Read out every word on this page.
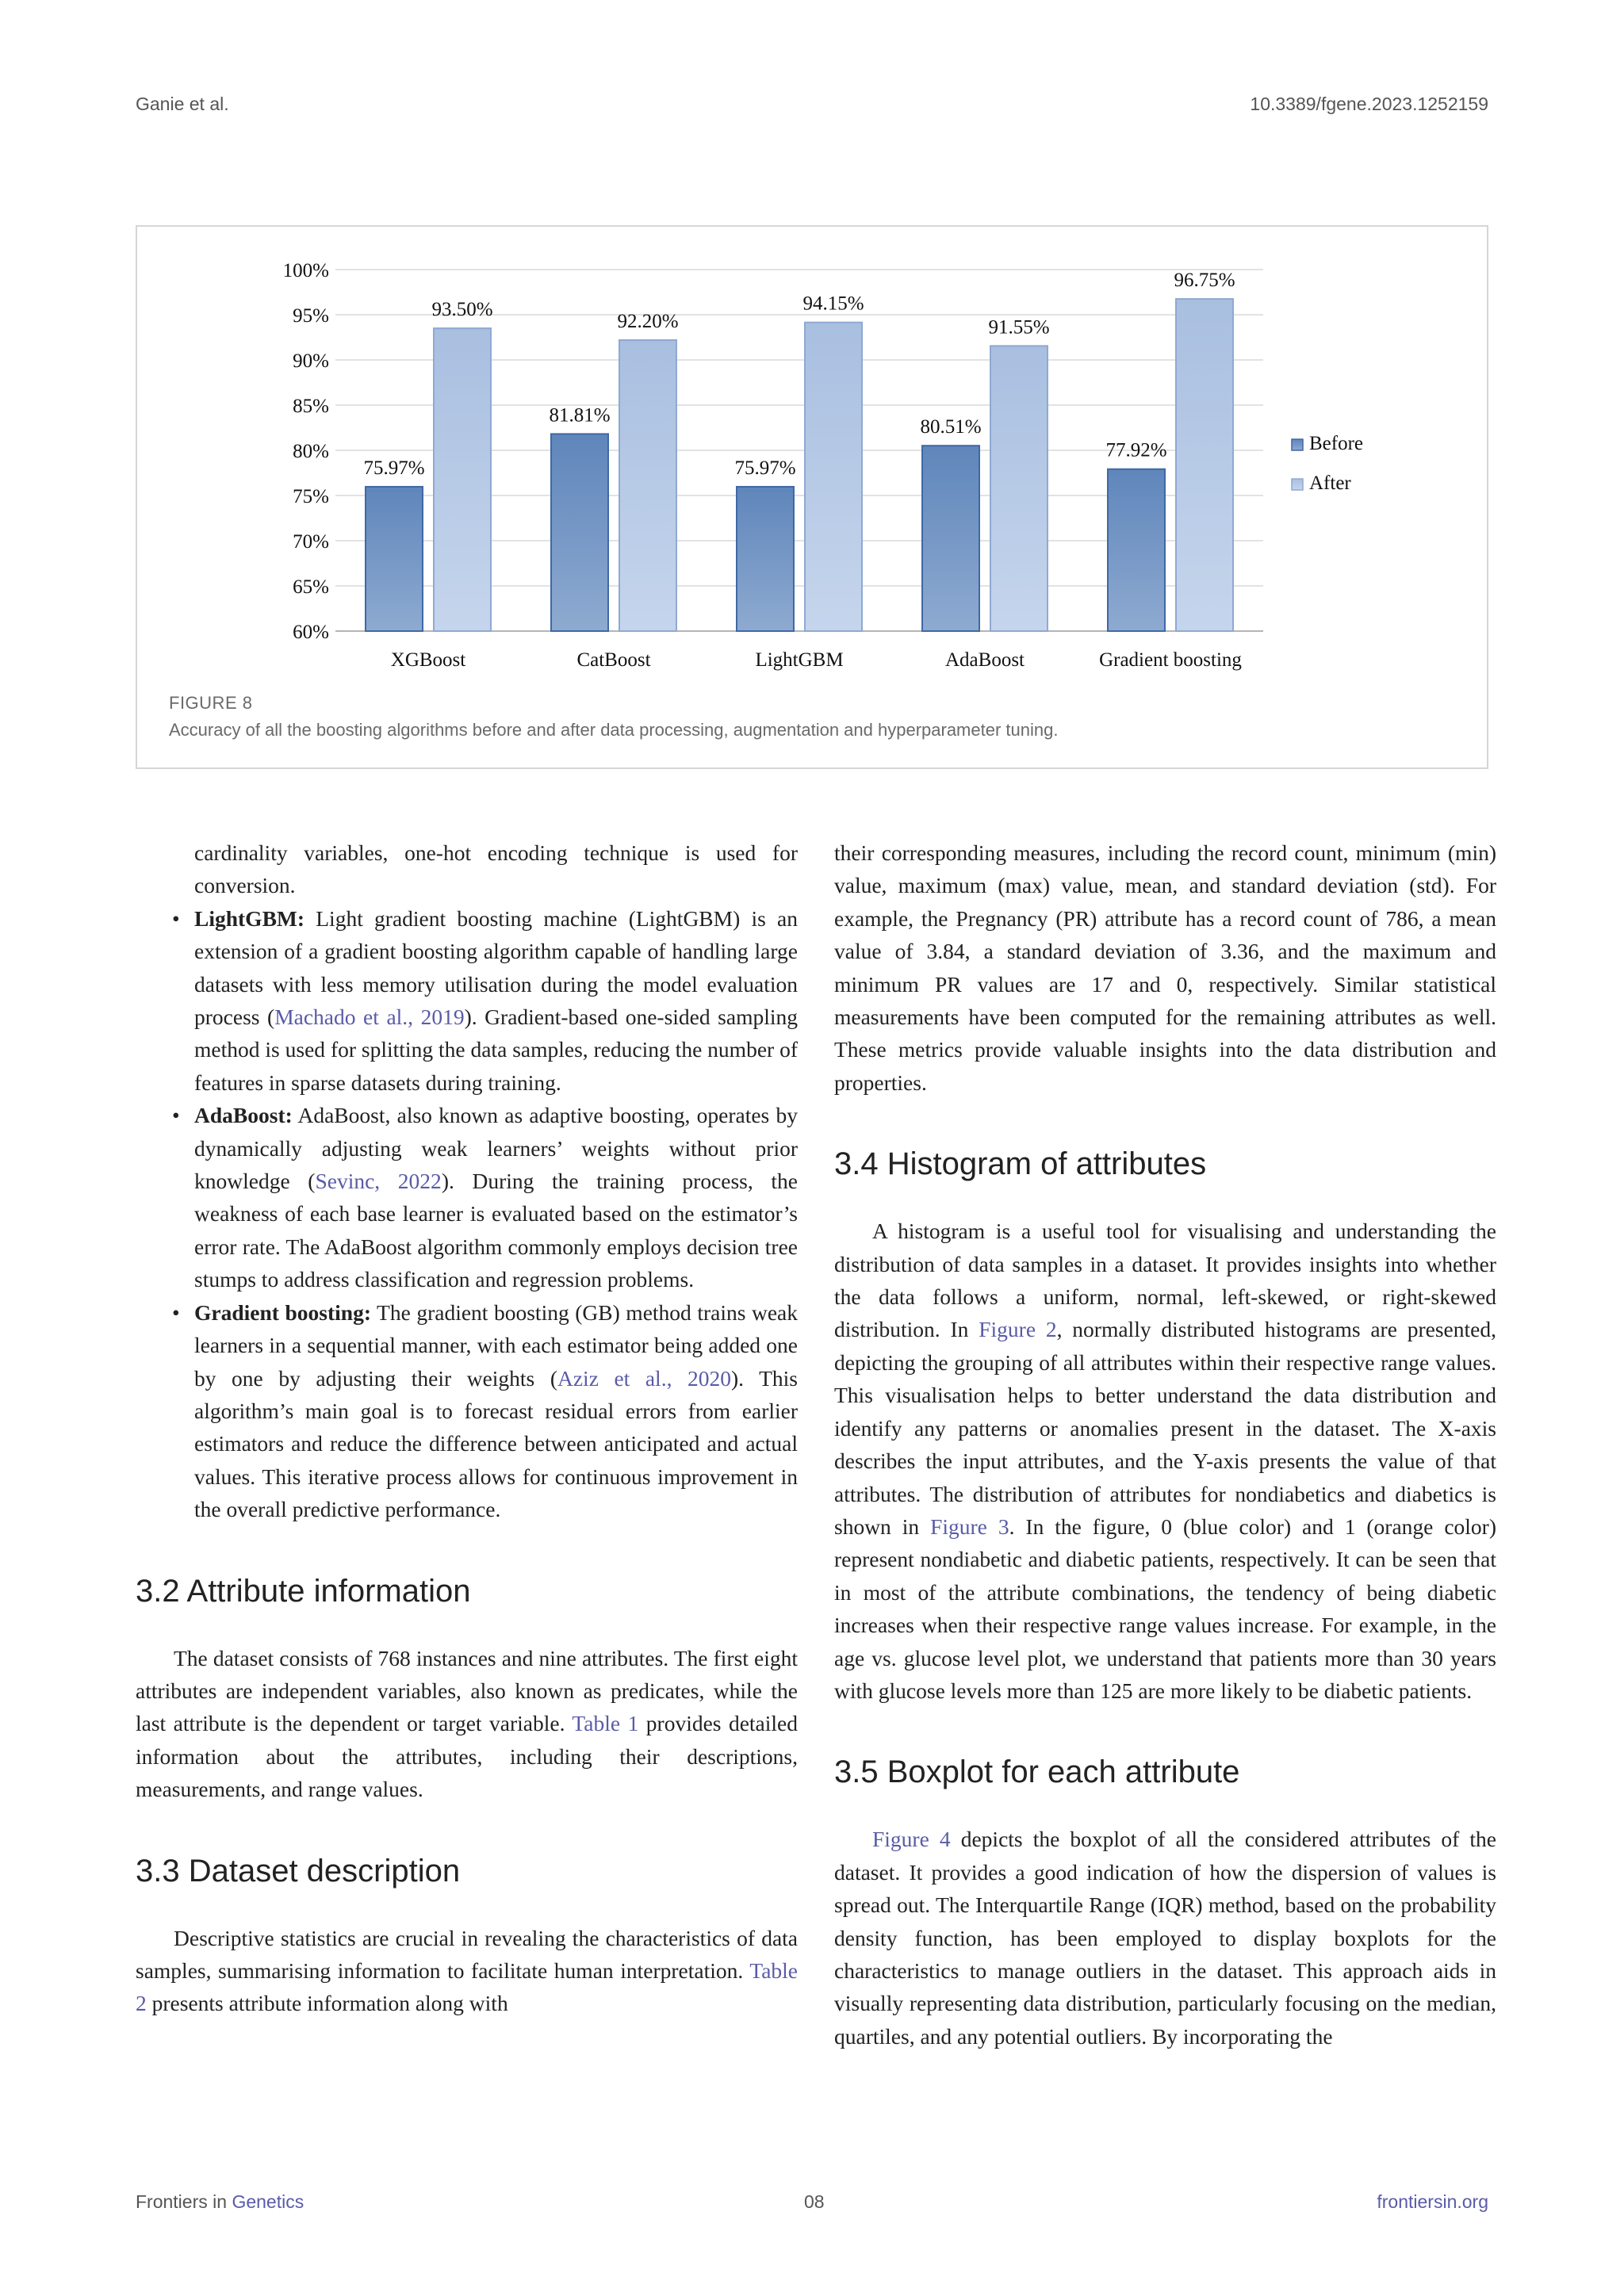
Ganie et al.	10.3389/fgene.2023.1252159
60%
65%
70%
75%
80%
85%
90%
95%
100%
75.97%
93.50%
XGBoost
81.81%
92.20%
CatBoost
75.97%
94.15%
LightGBM
80.51%
91.55%
AdaBoost
77.92%
96.75%
Gradient boosting
Before
After
FIGURE 8
Accuracy of all the boosting algorithms before and after data processing, augmentation and hyperparameter tuning.

cardinality variables, one-hot encoding technique is used for conversion.

• LightGBM: Light gradient boosting machine (LightGBM) is an extension of a gradient boosting algorithm capable of handling large datasets with less memory utilisation during the model evaluation process (Machado et al., 2019). Gradient-based one-sided sampling method is used for splitting the data samples, reducing the number of features in sparse datasets during training.
• AdaBoost: AdaBoost, also known as adaptive boosting, operates by dynamically adjusting weak learners’ weights without prior knowledge (Sevinc, 2022). During the training process, the weakness of each base learner is evaluated based on the estimator’s error rate. The AdaBoost algorithm commonly employs decision tree stumps to address classification and regression problems.
• Gradient boosting: The gradient boosting (GB) method trains weak learners in a sequential manner, with each estimator being added one by one by adjusting their weights (Aziz et al., 2020). This algorithm’s main goal is to forecast residual errors from earlier estimators and reduce the difference between anticipated and actual values. This iterative process allows for continuous improvement in the overall predictive performance.
3.2 Attribute information

The dataset consists of 768 instances and nine attributes. The first eight attributes are independent variables, also known as predicates, while the last attribute is the dependent or target variable. Table 1 provides detailed information about the attributes, including their descriptions, measurements, and range values.

3.3 Dataset description

Descriptive statistics are crucial in revealing the characteristics of data samples, summarising information to facilitate human interpretation. Table 2 presents attribute information along with

their corresponding measures, including the record count, minimum (min) value, maximum (max) value, mean, and standard deviation (std). For example, the Pregnancy (PR) attribute has a record count of 786, a mean value of 3.84, a standard deviation of 3.36, and the maximum and minimum PR values are 17 and 0, respectively. Similar statistical measurements have been computed for the remaining attributes as well. These metrics provide valuable insights into the data distribution and properties.

3.4 Histogram of attributes

A histogram is a useful tool for visualising and understanding the distribution of data samples in a dataset. It provides insights into whether the data follows a uniform, normal, left-skewed, or right-skewed distribution. In Figure 2, normally distributed histograms are presented, depicting the grouping of all attributes within their respective range values. This visualisation helps to better understand the data distribution and identify any patterns or anomalies present in the dataset. The X-axis describes the input attributes, and the Y-axis presents the value of that attributes. The distribution of attributes for nondiabetics and diabetics is shown in Figure 3. In the figure, 0 (blue color) and 1 (orange color) represent nondiabetic and diabetic patients, respectively. It can be seen that in most of the attribute combinations, the tendency of being diabetic increases when their respective range values increase. For example, in the age vs. glucose level plot, we understand that patients more than 30 years with glucose levels more than 125 are more likely to be diabetic patients.

3.5 Boxplot for each attribute

Figure 4 depicts the boxplot of all the considered attributes of the dataset. It provides a good indication of how the dispersion of values is spread out. The Interquartile Range (IQR) method, based on the probability density function, has been employed to display boxplots for the characteristics to manage outliers in the dataset. This approach aids in visually representing data distribution, particularly focusing on the median, quartiles, and any potential outliers. By incorporating the

Frontiers in Genetics	08	frontiersin.org
